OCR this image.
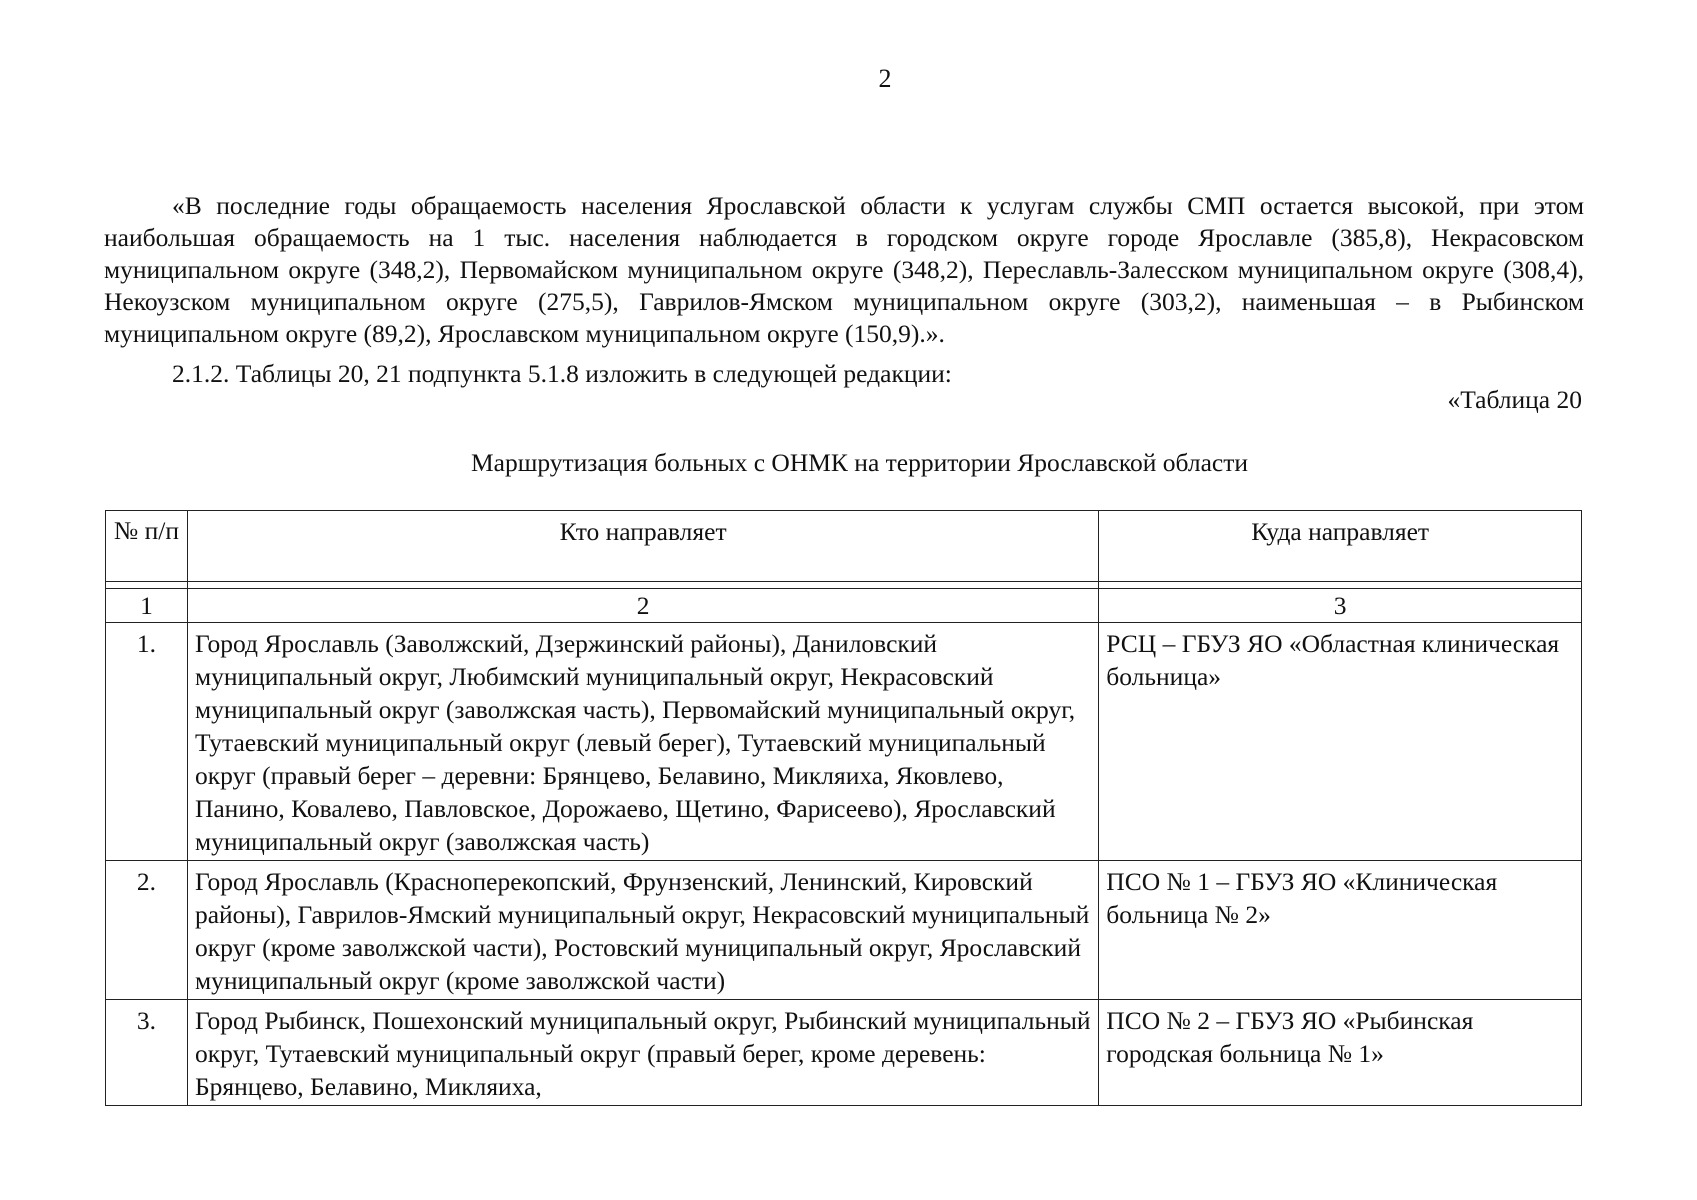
2

«В последние годы обращаемость населения Ярославской области к услугам службы СМП остается высокой, при этом наибольшая обращаемость на 1 тыс. населения наблюдается в городском округе городе Ярославле (385,8), Некрасовском муниципальном округе (348,2), Первомайском муниципальном округе (348,2), Переславль-Залесском муниципальном округе (308,4), Некоузском муниципальном округе (275,5), Гаврилов-Ямском муниципальном округе (303,2), наименьшая – в Рыбинском муниципальном округе (89,2), Ярославском муниципальном округе (150,9).».

2.1.2. Таблицы 20, 21 подпункта 5.1.8 изложить в следующей редакции:

«Таблица 20
Маршрутизация больных с ОНМК на территории Ярославской области
№ п/п	Кто направляет	Куда направляет

1	2	3
1.	Город Ярославль (Заволжский, Дзержинский районы), Даниловский муниципальный округ, Любимский муниципальный округ, Некрасовский муниципальный округ (заволжская часть), Первомайский муниципальный округ, Тутаевский муниципальный округ (левый берег), Тутаевский муниципальный округ (правый берег – деревни: Брянцево, Белавино, Микляиха, Яковлево, Панино, Ковалево, Павловское, Дорожаево, Щетино, Фарисеево), Ярославский муниципальный округ (заволжская часть)	РСЦ – ГБУЗ ЯО «Областная клиническая больница»
2.	Город Ярославль (Красноперекопский, Фрунзенский, Ленинский, Кировский районы), Гаврилов-Ямский муниципальный округ, Некрасовский муниципальный округ (кроме заволжской части), Ростовский муниципальный округ, Ярославский муниципальный округ (кроме заволжской части)	ПСО № 1 – ГБУЗ ЯО «Клиническая больница № 2»
3.	Город Рыбинск, Пошехонский муниципальный округ, Рыбинский муниципальный округ, Тутаевский муниципальный округ (правый берег, кроме деревень: Брянцево, Белавино, Микляиха,	ПСО № 2 – ГБУЗ ЯО «Рыбинская городская больница № 1»
